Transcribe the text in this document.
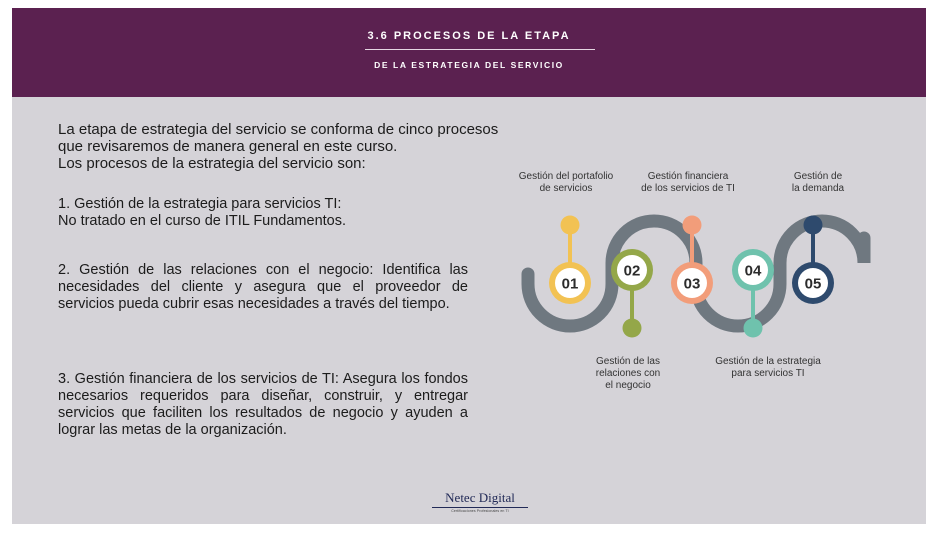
3.6 PROCESOS DE LA ETAPA
DE LA ESTRATEGIA DEL SERVICIO
La etapa de estrategia del servicio se conforma de cinco procesos
que revisaremos de manera general en este curso.
Los procesos de la estrategia del servicio son:
1. Gestión de la estrategia para servicios TI:
No tratado en el curso de ITIL Fundamentos.
2. Gestión de las relaciones con el negocio: Identifica las necesidades del cliente y asegura que el proveedor de servicios pueda cubrir esas necesidades a través del tiempo.
3. Gestión financiera de los servicios de TI: Asegura los fondos necesarios requeridos para diseñar, construir, y entregar servicios que faciliten los resultados de negocio y ayuden a lograr las metas de la organización.
01
02
03
04
05
Gestión del portafolio
de servicios
Gestión de las
relaciones con
el negocio
Gestión financiera
de los servicios de TI
Gestión de la estrategia
para servicios TI
Gestión de
la demanda
Netec Digital
Certificaciones Profesionales en TI
